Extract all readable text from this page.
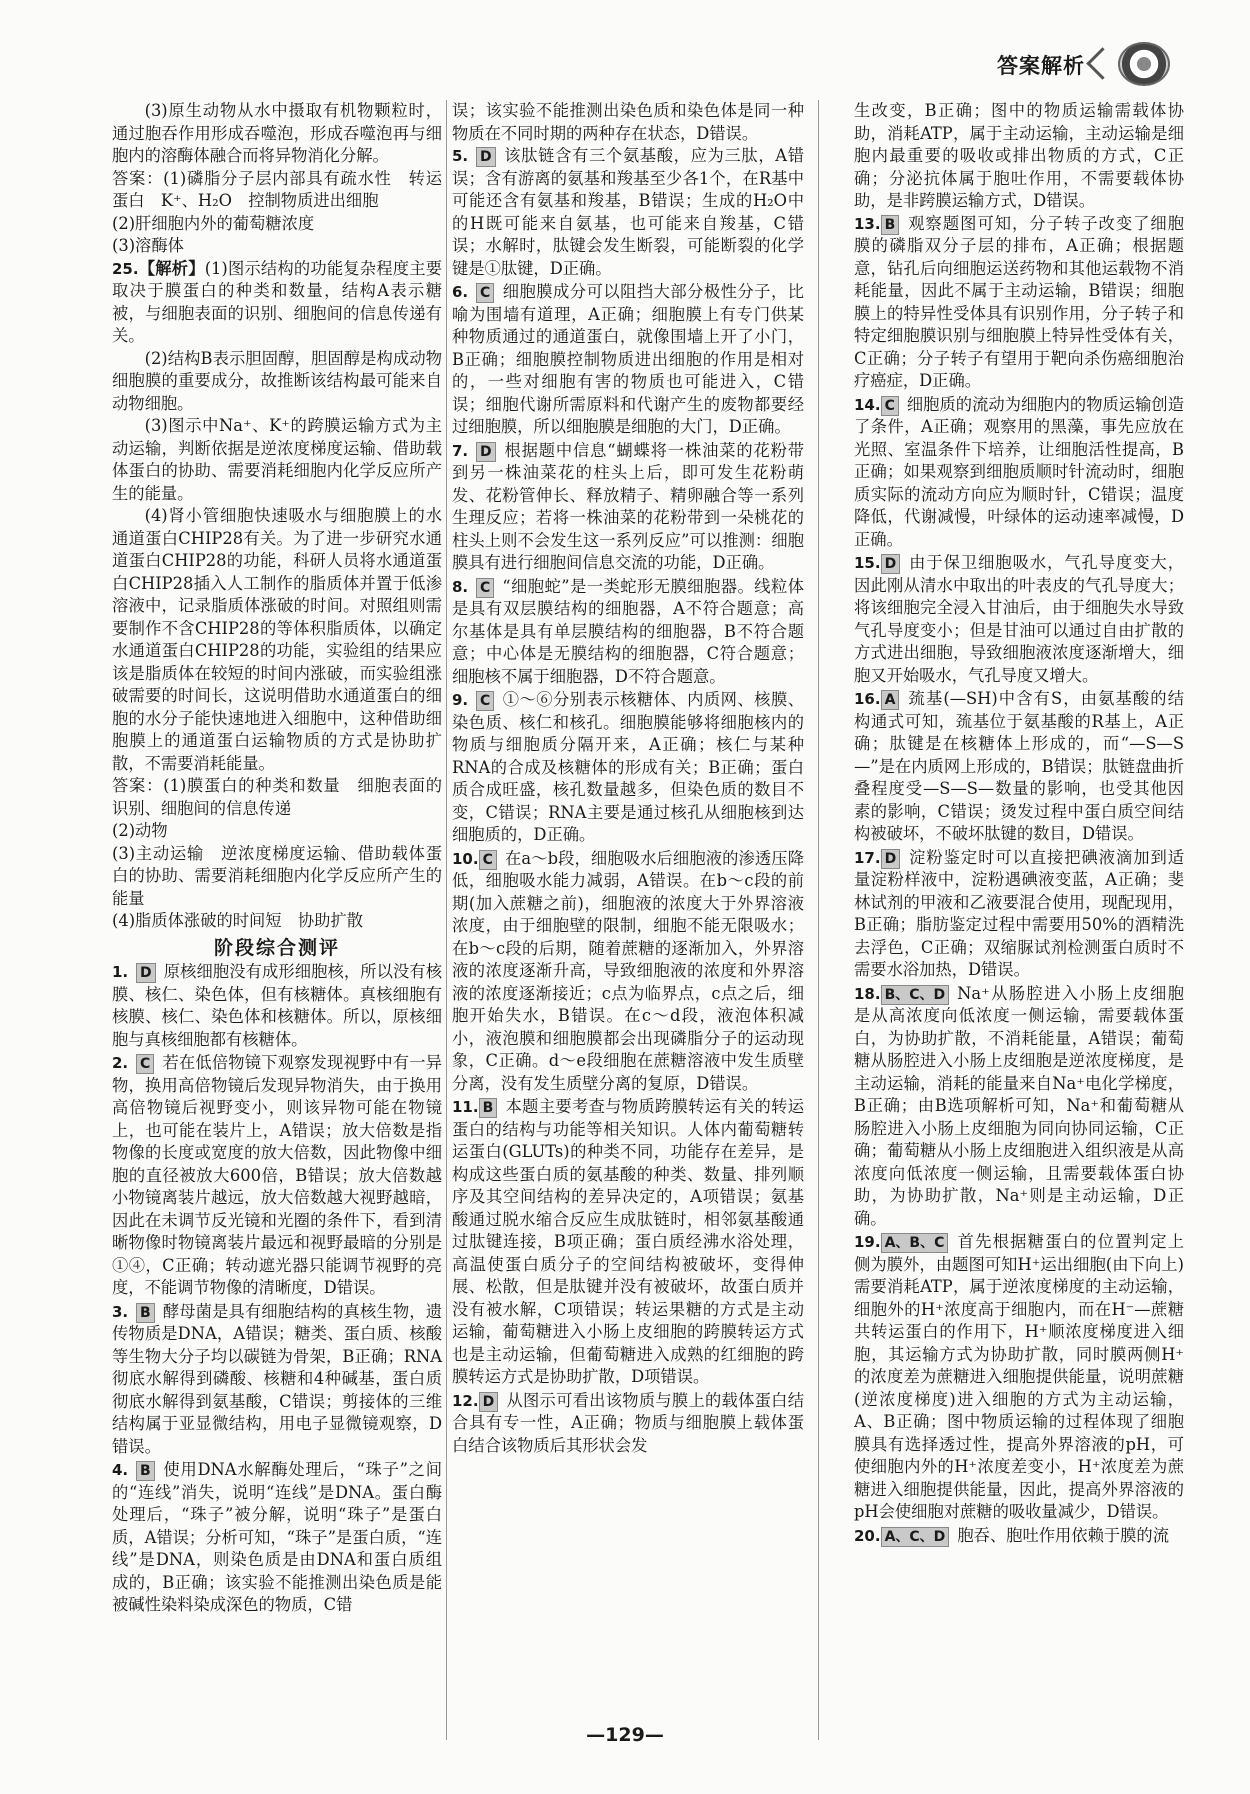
答案解析

(3)原生动物从水中摄取有机物颗粒时，通过胞吞作用形成吞噬泡，形成吞噬泡再与细胞内的溶酶体融合而将异物消化分解。

答案：(1)磷脂分子层内部具有疏水性　转运蛋白　K⁺、H₂O　控制物质进出细胞

(2)肝细胞内外的葡萄糖浓度

(3)溶酶体

25.【解析】(1)图示结构的功能复杂程度主要取决于膜蛋白的种类和数量，结构A表示糖被，与细胞表面的识别、细胞间的信息传递有关。

(2)结构B表示胆固醇，胆固醇是构成动物细胞膜的重要成分，故推断该结构最可能来自动物细胞。

(3)图示中Na⁺、K⁺的跨膜运输方式为主动运输，判断依据是逆浓度梯度运输、借助载体蛋白的协助、需要消耗细胞内化学反应所产生的能量。

(4)肾小管细胞快速吸水与细胞膜上的水通道蛋白CHIP28有关。为了进一步研究水通道蛋白CHIP28的功能，科研人员将水通道蛋白CHIP28插入人工制作的脂质体并置于低渗溶液中，记录脂质体涨破的时间。对照组则需要制作不含CHIP28的等体积脂质体，以确定水通道蛋白CHIP28的功能，实验组的结果应该是脂质体在较短的时间内涨破，而实验组涨破需要的时间长，这说明借助水通道蛋白的细胞的水分子能快速地进入细胞中，这种借助细胞膜上的通道蛋白运输物质的方式是协助扩散，不需要消耗能量。

答案：(1)膜蛋白的种类和数量　细胞表面的识别、细胞间的信息传递

(2)动物

(3)主动运输　逆浓度梯度运输、借助载体蛋白的协助、需要消耗细胞内化学反应所产生的能量

(4)脂质体涨破的时间短　协助扩散

阶段综合测评

1. D 原核细胞没有成形细胞核，所以没有核膜、核仁、染色体，但有核糖体。真核细胞有核膜、核仁、染色体和核糖体。所以，原核细胞与真核细胞都有核糖体。

2. C 若在低倍物镜下观察发现视野中有一异物，换用高倍物镜后发现异物消失，由于换用高倍物镜后视野变小，则该异物可能在物镜上，也可能在装片上，A错误；放大倍数是指物像的长度或宽度的放大倍数，因此物像中细胞的直径被放大600倍，B错误；放大倍数越小物镜离装片越远，放大倍数越大视野越暗，因此在未调节反光镜和光圈的条件下，看到清晰物像时物镜离装片最远和视野最暗的分别是①④，C正确；转动遮光器只能调节视野的亮度，不能调节物像的清晰度，D错误。

3. B 酵母菌是具有细胞结构的真核生物，遗传物质是DNA，A错误；糖类、蛋白质、核酸等生物大分子均以碳链为骨架，B正确；RNA彻底水解得到磷酸、核糖和4种碱基，蛋白质彻底水解得到氨基酸，C错误；剪接体的三维结构属于亚显微结构，用电子显微镜观察，D错误。

4. B 使用DNA水解酶处理后，“珠子”之间的“连线”消失，说明“连线”是DNA。蛋白酶处理后，“珠子”被分解，说明“珠子”是蛋白质，A错误；分析可知，“珠子”是蛋白质，“连线”是DNA，则染色质是由DNA和蛋白质组成的，B正确；该实验不能推测出染色质是能被碱性染料染成深色的物质，C错

误；该实验不能推测出染色质和染色体是同一种物质在不同时期的两种存在状态，D错误。

5. D 该肽链含有三个氨基酸，应为三肽，A错误；含有游离的氨基和羧基至少各1个，在R基中可能还含有氨基和羧基，B错误；生成的H₂O中的H既可能来自氨基，也可能来自羧基，C错误；水解时，肽键会发生断裂，可能断裂的化学键是①肽键，D正确。

6. C 细胞膜成分可以阻挡大部分极性分子，比喻为围墙有道理，A正确；细胞膜上有专门供某种物质通过的通道蛋白，就像围墙上开了小门，B正确；细胞膜控制物质进出细胞的作用是相对的，一些对细胞有害的物质也可能进入，C错误；细胞代谢所需原料和代谢产生的废物都要经过细胞膜，所以细胞膜是细胞的大门，D正确。

7. D 根据题中信息“蝴蝶将一株油菜的花粉带到另一株油菜花的柱头上后，即可发生花粉萌发、花粉管伸长、释放精子、精卵融合等一系列生理反应；若将一株油菜的花粉带到一朵桃花的柱头上则不会发生这一系列反应”可以推测：细胞膜具有进行细胞间信息交流的功能，D正确。

8. C “细胞蛇”是一类蛇形无膜细胞器。线粒体是具有双层膜结构的细胞器，A不符合题意；高尔基体是具有单层膜结构的细胞器，B不符合题意；中心体是无膜结构的细胞器，C符合题意；细胞核不属于细胞器，D不符合题意。

9. C ①～⑥分别表示核糖体、内质网、核膜、染色质、核仁和核孔。细胞膜能够将细胞核内的物质与细胞质分隔开来，A正确；核仁与某种RNA的合成及核糖体的形成有关；B正确；蛋白质合成旺盛，核孔数量越多，但染色质的数目不变，C错误；RNA主要是通过核孔从细胞核到达细胞质的，D正确。

10. C 在a～b段，细胞吸水后细胞液的渗透压降低，细胞吸水能力减弱，A错误。在b～c段的前期(加入蔗糖之前)，细胞液的浓度大于外界溶液浓度，由于细胞壁的限制，细胞不能无限吸水；在b～c段的后期，随着蔗糖的逐渐加入，外界溶液的浓度逐渐升高，导致细胞液的浓度和外界溶液的浓度逐渐接近；c点为临界点，c点之后，细胞开始失水，B错误。在c～d段，液泡体积减小，液泡膜和细胞膜都会出现磷脂分子的运动现象，C正确。d～e段细胞在蔗糖溶液中发生质壁分离，没有发生质壁分离的复原，D错误。

11. B 本题主要考查与物质跨膜转运有关的转运蛋白的结构与功能等相关知识。人体内葡萄糖转运蛋白(GLUTs)的种类不同，功能存在差异，是构成这些蛋白质的氨基酸的种类、数量、排列顺序及其空间结构的差异决定的，A项错误；氨基酸通过脱水缩合反应生成肽链时，相邻氨基酸通过肽键连接，B项正确；蛋白质经沸水浴处理，高温使蛋白质分子的空间结构被破坏，变得伸展、松散，但是肽键并没有被破坏，故蛋白质并没有被水解，C项错误；转运果糖的方式是主动运输，葡萄糖进入小肠上皮细胞的跨膜转运方式也是主动运输，但葡萄糖进入成熟的红细胞的跨膜转运方式是协助扩散，D项错误。

12. D 从图示可看出该物质与膜上的载体蛋白结合具有专一性，A正确；物质与细胞膜上载体蛋白结合该物质后其形状会发

生改变，B正确；图中的物质运输需载体协助，消耗ATP，属于主动运输，主动运输是细胞内最重要的吸收或排出物质的方式，C正确；分泌抗体属于胞吐作用，不需要载体协助，是非跨膜运输方式，D错误。

13. B 观察题图可知，分子转子改变了细胞膜的磷脂双分子层的排布，A正确；根据题意，钻孔后向细胞运送药物和其他运载物不消耗能量，因此不属于主动运输，B错误；细胞膜上的特异性受体具有识别作用，分子转子和特定细胞膜识别与细胞膜上特异性受体有关，C正确；分子转子有望用于靶向杀伤癌细胞治疗癌症，D正确。

14. C 细胞质的流动为细胞内的物质运输创造了条件，A正确；观察用的黑藻，事先应放在光照、室温条件下培养，让细胞活性提高，B正确；如果观察到细胞质顺时针流动时，细胞质实际的流动方向应为顺时针，C错误；温度降低，代谢减慢，叶绿体的运动速率减慢，D正确。

15. D 由于保卫细胞吸水，气孔导度变大，因此刚从清水中取出的叶表皮的气孔导度大；将该细胞完全浸入甘油后，由于细胞失水导致气孔导度变小；但是甘油可以通过自由扩散的方式进出细胞，导致细胞液浓度逐渐增大，细胞又开始吸水，气孔导度又增大。

16. A 巯基(—SH)中含有S，由氨基酸的结构通式可知，巯基位于氨基酸的R基上，A正确；肽键是在核糖体上形成的，而“—S—S—”是在内质网上形成的，B错误；肽链盘曲折叠程度受—S—S—数量的影响，也受其他因素的影响，C错误；烫发过程中蛋白质空间结构被破坏，不破坏肽键的数目，D错误。

17. D 淀粉鉴定时可以直接把碘液滴加到适量淀粉样液中，淀粉遇碘液变蓝，A正确；斐林试剂的甲液和乙液要混合使用，现配现用，B正确；脂肪鉴定过程中需要用50%的酒精洗去浮色，C正确；双缩脲试剂检测蛋白质时不需要水浴加热，D错误。

18. B、C、D Na⁺从肠腔进入小肠上皮细胞是从高浓度向低浓度一侧运输，需要载体蛋白，为协助扩散，不消耗能量，A错误；葡萄糖从肠腔进入小肠上皮细胞是逆浓度梯度，是主动运输，消耗的能量来自Na⁺电化学梯度，B正确；由B选项解析可知，Na⁺和葡萄糖从肠腔进入小肠上皮细胞为同向协同运输，C正确；葡萄糖从小肠上皮细胞进入组织液是从高浓度向低浓度一侧运输，且需要载体蛋白协助，为协助扩散，Na⁺则是主动运输，D正确。

19. A、B、C 首先根据糖蛋白的位置判定上侧为膜外，由题图可知H⁺运出细胞(由下向上)需要消耗ATP，属于逆浓度梯度的主动运输，细胞外的H⁺浓度高于细胞内，而在H⁻—蔗糖共转运蛋白的作用下，H⁺顺浓度梯度进入细胞，其运输方式为协助扩散，同时膜两侧H⁺的浓度差为蔗糖进入细胞提供能量，说明蔗糖(逆浓度梯度)进入细胞的方式为主动运输，A、B正确；图中物质运输的过程体现了细胞膜具有选择透过性，提高外界溶液的pH，可使细胞内外的H⁺浓度差变小，H⁺浓度差为蔗糖进入细胞提供能量，因此，提高外界溶液的pH会使细胞对蔗糖的吸收量减少，D错误。

20. A、C、D 胞吞、胞吐作用依赖于膜的流

—129—
